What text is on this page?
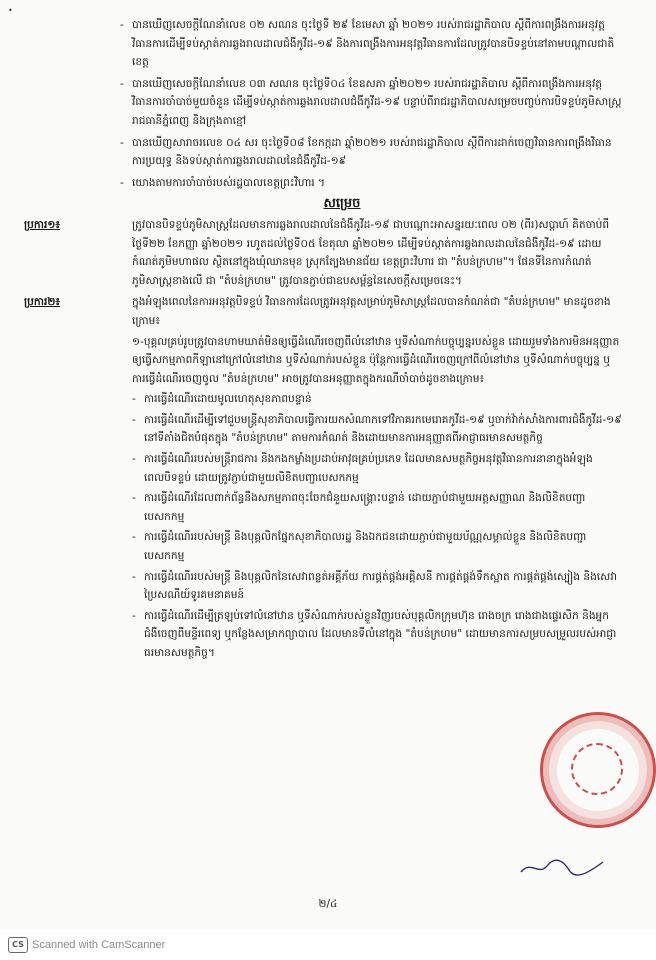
•
- បានឃើញសេចក្តីណែនាំលេខ ០២ សណន ចុះថ្ងៃទី ២៩ ខែមេសា ឆ្នាំ ២០២១ របស់រាជរដ្ឋាភិបាល ស្តីពីការពង្រឹងការអនុវត្តវិធានការដើម្បីទប់ស្កាត់ការឆ្លងរាលដាលជំងឺកូវីដ-១៩ និងការពង្រឹងការអនុវត្តវិធានការដែលត្រូវបានបិទខ្ទប់នៅតាមបណ្តាលជាតិ ខេត្ត
- បានឃើញសេចក្តីណែនាំលេខ ០៣ សណន ចុះថ្ងៃទី០៤ ខែឧសភា ឆ្នាំ២០២១ របស់រាជរដ្ឋាភិបាល ស្តីពីការពង្រឹងការអនុវត្តវិធានការចាំបាច់មួយចំនួន ដើម្បីទប់ស្កាត់ការឆ្លងរាលដាលជំងឺកូវីដ-១៩ បន្ទាប់ពីរាជរដ្ឋាភិបាលសម្រេចបញ្ចប់ការបិទខ្ទប់ភូមិសាស្ត្ររាជធានីភ្នំពេញ និងក្រុងតាខ្មៅ
- បានឃើញសារាចរលេខ ០៤ សរ ចុះថ្ងៃទី០៨ ខែកក្កដា ឆ្នាំ២០២១ របស់រាជរដ្ឋាភិបាល ស្តីពីការដាក់ចេញវិធានការពង្រឹងវិធានការប្រយុទ្ធ និងទប់ស្កាត់ការឆ្លងរាលដាលនៃជំងឺកូវីដ-១៩
- យោងតាមការចាំបាច់របស់រដ្ឋបាលខេត្តព្រះវិហារ ។
សម្រេច
ប្រការ១៖	ត្រូវបានបិទខ្ទប់ភូមិសាស្ត្រដែលមានការឆ្លងរាលដាលនៃជំងឺកូវីដ-១៩ ជាបណ្តោះអាសន្នរយៈពេល ០២ (ពីរ)សប្តាហ៍ គិតចាប់ពីថ្ងៃទី២២ ខែកញ្ញា ឆ្នាំ២០២១ រហូតដល់ថ្ងៃទី០៥ ខែតុលា ឆ្នាំ២០២១ ដើម្បីទប់ស្កាត់ការឆ្លងរាលដាលនៃជំងឺកូវីដ-១៩ ដោយកំណត់ភូមិមហាផល ស្ថិតនៅក្នុងឃុំឈានមុខ ស្រុកត្បែងមានជ័យ ខេត្តព្រះវិហារ ជា "តំបន់ក្រហម"។ ផែនទីនៃការកំណត់ភូមិសាស្ត្រខាងលើ ជា "តំបន់ក្រហម" ត្រូវបានភ្ជាប់ជាឧបសម្ព័ន្ធនៃសេចក្តីសម្រេចនេះ។
ប្រការ២៖	ក្នុងអំឡុងពេលនៃការអនុវត្តបិទខ្ទប់ វិធានការដែលត្រូវអនុវត្តសម្រាប់ភូមិសាស្ត្រដែលបានកំណត់ជា "តំបន់ក្រហម" មានដូចខាងក្រោម៖
១-បុគ្គលគ្រប់រូបត្រូវបានហាមឃាត់មិនឲ្យធ្វើដំណើរចេញពីលំនៅឋាន ឬទីសំណាក់បច្ចុប្បន្នរបស់ខ្លួន ដោយរួមទាំងការមិនអនុញ្ញាតឲ្យធ្វើសកម្មភាពកីឡានៅក្រៅលំនៅឋាន ឬទីសំណាក់របស់ខ្លួន ប៉ុន្តែការធ្វើដំណើរចេញក្រៅពីលំនៅឋាន ឬទីសំណាក់បច្ចុប្បន្ន ឬការធ្វើដំណើរចេញចូល "តំបន់ក្រហម" អាចត្រូវបានអនុញ្ញាតក្នុងករណីចាំបាច់ដូចខាងក្រោម៖
- ការធ្វើដំណើរដោយមូលហេតុសុខភាពបន្ទាន់
- ការធ្វើដំណើរដើម្បីទៅជួបមន្ត្រីសុខាភិបាលធ្វើការយកសំណាកទៅវិភាគរកមេរោគកូវីដ-១៩ ឬចាក់វ៉ាក់សាំងការពារជំងឺកូវីដ-១៩ នៅទីតាំងជិតបំផុតក្នុង "តំបន់ក្រហម" តាមការកំណត់ និងដោយមានការអនុញ្ញាតពីអាជ្ញាធរមានសមត្ថកិច្ច
- ការធ្វើដំណើររបស់មន្ត្រីរាជការ និងកងកម្លាំងប្រដាប់អាវុធគ្រប់ប្រភេទ ដែលមានសមត្ថកិច្ចអនុវត្តវិធានការនានាក្នុងអំឡុងពេលបិទខ្ទប់ ដោយត្រូវភ្ជាប់ជាមួយលិខិតបញ្ជាបេសកកម្ម
- ការធ្វើដំណើរដែលពាក់ព័ន្ធនឹងសកម្មភាពចុះចែកជំនួយសង្គ្រោះបន្ទាន់ ដោយភ្ជាប់ជាមួយអត្តសញ្ញាណ និងលិខិតបញ្ជាបេសកកម្ម
- ការធ្វើដំណើររបស់មន្ត្រី និងបុគ្គលិកផ្នែកសុខាភិបាលរដ្ឋ និងឯកជនដោយភ្ជាប់ជាមួយប័ណ្ណសម្គាល់ខ្លួន និងលិខិតបញ្ជាបេសកកម្ម
- ការធ្វើដំណើររបស់មន្ត្រី និងបុគ្គលិកនៃសេវាពន្លត់អគ្គីភ័យ ការផ្គត់ផ្គង់អគ្គិសនី ការផ្គត់ផ្គង់ទឹកស្អាត ការផ្គត់ផ្គង់ស្បៀង និងសេវាប្រៃសណីយ៍ទូរគមនាគមន៍
- ការធ្វើដំណើរដើម្បីត្រឡប់ទៅលំនៅឋាន ឬទីសំណាក់របស់ខ្លួនវិញរបស់បុគ្គលិកក្រុមហ៊ុន រោងចក្រ រោងជាងផ្ទេរសិក និងអ្នកជំងឺចេញពីមន្ទីរពេទ្យ ឬកន្លែងសម្រាកព្យាបាល ដែលមានទីលំនៅក្នុង "តំបន់ក្រហម" ដោយមានការសម្របសម្រួលរបស់អាជ្ញាធរមានសមត្ថកិច្ច។
២/៤
CS Scanned with CamScanner
